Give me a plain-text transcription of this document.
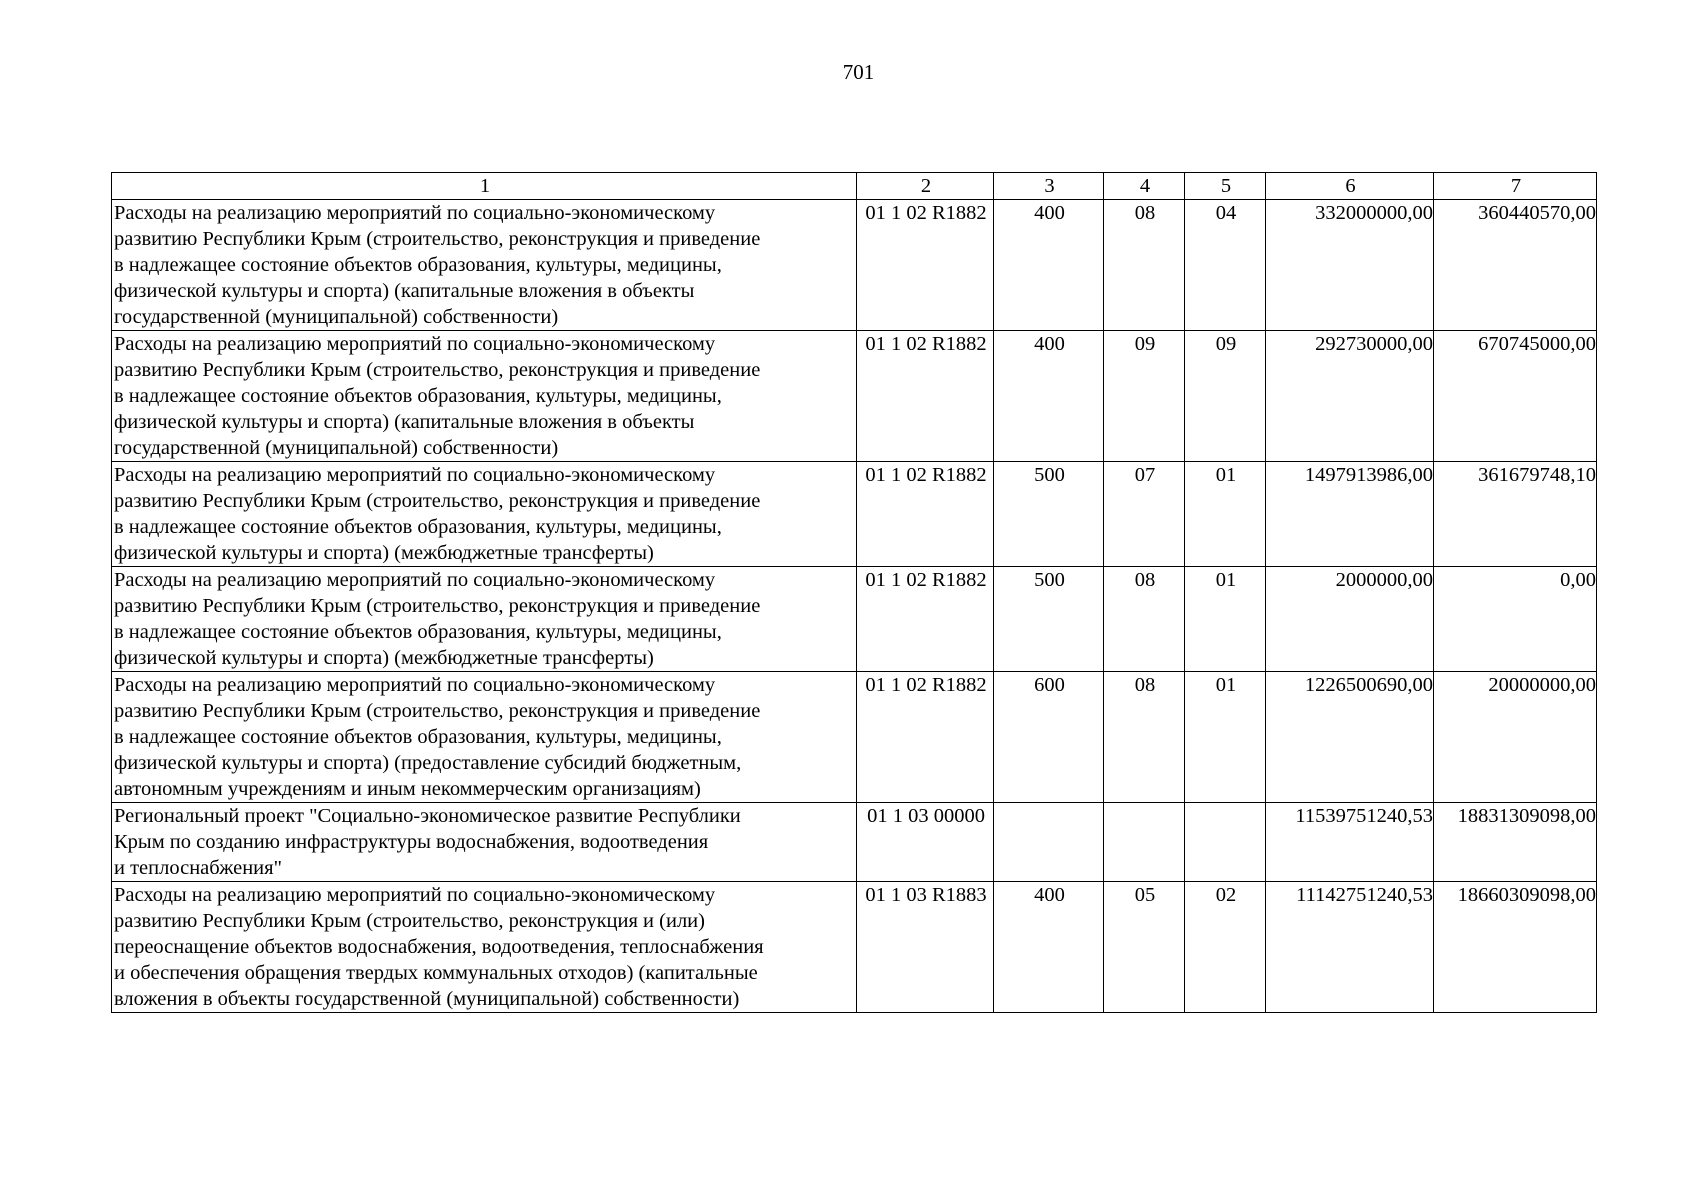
701
1	2	3	4	5	6	7
Расходы на реализацию мероприятий по социально-экономическому
развитию Республики Крым (строительство, реконструкция и приведение
в надлежащее состояние объектов образования, культуры, медицины,
физической культуры и спорта) (капитальные вложения в объекты
государственной (муниципальной) собственности)	01 1 02 R1882	400	08	04	332000000,00	360440570,00
Расходы на реализацию мероприятий по социально-экономическому
развитию Республики Крым (строительство, реконструкция и приведение
в надлежащее состояние объектов образования, культуры, медицины,
физической культуры и спорта) (капитальные вложения в объекты
государственной (муниципальной) собственности)	01 1 02 R1882	400	09	09	292730000,00	670745000,00
Расходы на реализацию мероприятий по социально-экономическому
развитию Республики Крым (строительство, реконструкция и приведение
в надлежащее состояние объектов образования, культуры, медицины,
физической культуры и спорта) (межбюджетные трансферты)	01 1 02 R1882	500	07	01	1497913986,00	361679748,10
Расходы на реализацию мероприятий по социально-экономическому
развитию Республики Крым (строительство, реконструкция и приведение
в надлежащее состояние объектов образования, культуры, медицины,
физической культуры и спорта) (межбюджетные трансферты)	01 1 02 R1882	500	08	01	2000000,00	0,00
Расходы на реализацию мероприятий по социально-экономическому
развитию Республики Крым (строительство, реконструкция и приведение
в надлежащее состояние объектов образования, культуры, медицины,
физической культуры и спорта) (предоставление субсидий бюджетным,
автономным учреждениям и иным некоммерческим организациям)	01 1 02 R1882	600	08	01	1226500690,00	20000000,00
Региональный проект "Социально-экономическое развитие Республики
Крым по созданию инфраструктуры водоснабжения, водоотведения
и теплоснабжения"	01 1 03 00000				11539751240,53	18831309098,00
Расходы на реализацию мероприятий по социально-экономическому
развитию Республики Крым (строительство, реконструкция и (или)
переоснащение объектов водоснабжения, водоотведения, теплоснабжения
и обеспечения обращения твердых коммунальных отходов) (капитальные
вложения в объекты государственной (муниципальной) собственности)	01 1 03 R1883	400	05	02	11142751240,53	18660309098,00
